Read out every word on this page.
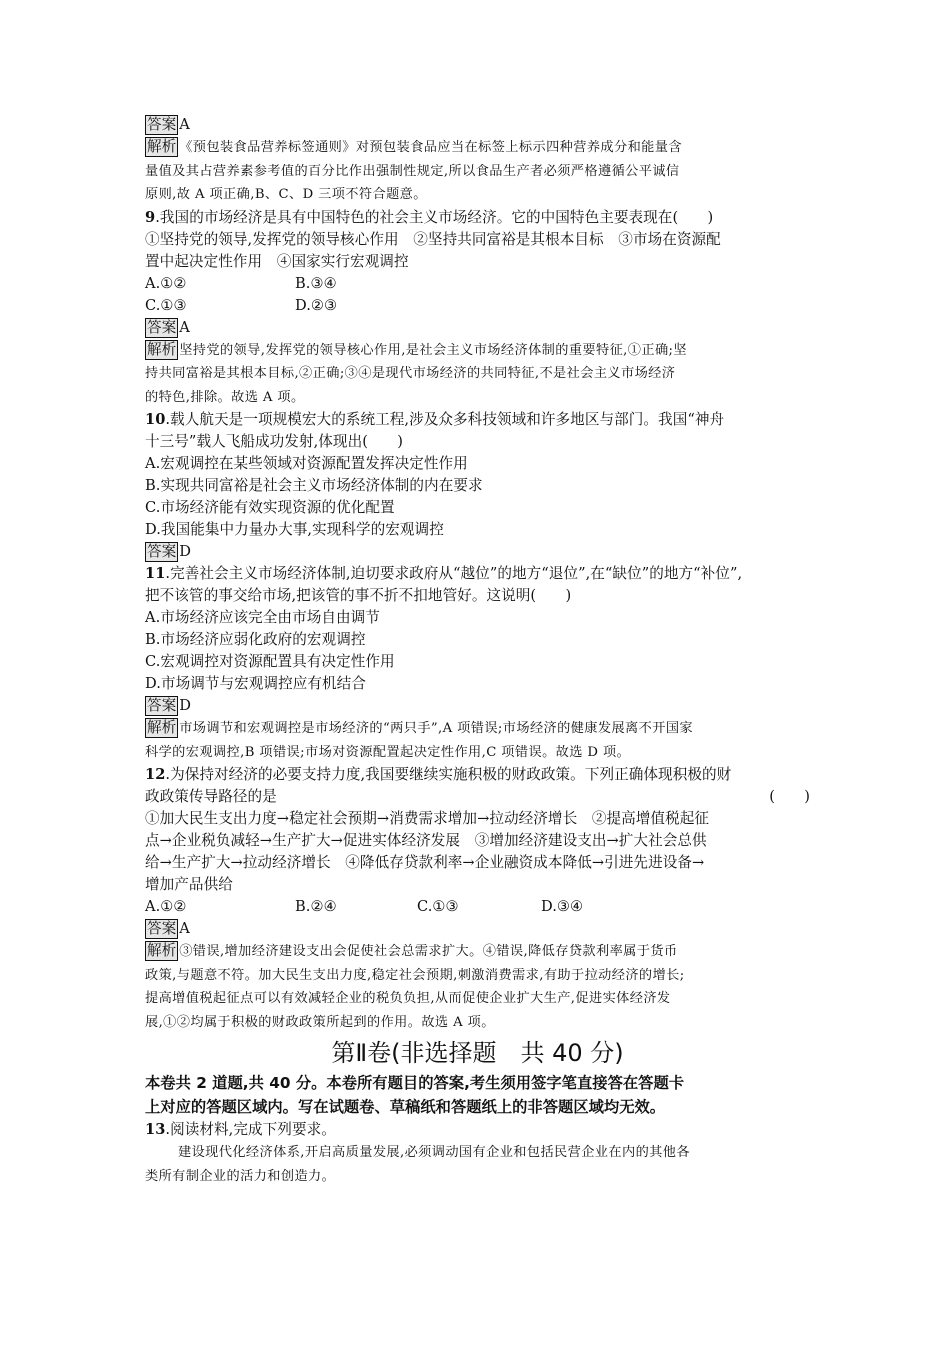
答案 A
解析 《预包装食品营养标签通则》对预包装食品应当在标签上标示四种营养成分和能量含
量值及其占营养素参考值的百分比作出强制性规定,所以食品生产者必须严格遵循公平诚信
原则,故 A 项正确,B、C、D 三项不符合题意。
9.我国的市场经济是具有中国特色的社会主义市场经济。它的中国特色主要表现在(　　)
①坚持党的领导,发挥党的领导核心作用　②坚持共同富裕是其根本目标　③市场在资源配
置中起决定性作用　④国家实行宏观调控
A.①②	B.③④
C.①③	D.②③
答案 A
解析 坚持党的领导,发挥党的领导核心作用,是社会主义市场经济体制的重要特征,①正确;坚
持共同富裕是其根本目标,②正确;③④是现代市场经济的共同特征,不是社会主义市场经济
的特色,排除。故选 A 项。
10.载人航天是一项规模宏大的系统工程,涉及众多科技领域和许多地区与部门。我国“神舟
十三号”载人飞船成功发射,体现出(　　)
A.宏观调控在某些领域对资源配置发挥决定性作用
B.实现共同富裕是社会主义市场经济体制的内在要求
C.市场经济能有效实现资源的优化配置
D.我国能集中力量办大事,实现科学的宏观调控
答案 D
11.完善社会主义市场经济体制,迫切要求政府从“越位”的地方“退位”,在“缺位”的地方“补位”,
把不该管的事交给市场,把该管的事不折不扣地管好。这说明(　　)
A.市场经济应该完全由市场自由调节
B.市场经济应弱化政府的宏观调控
C.宏观调控对资源配置具有决定性作用
D.市场调节与宏观调控应有机结合
答案 D
解析 市场调节和宏观调控是市场经济的“两只手”,A 项错误;市场经济的健康发展离不开国家
科学的宏观调控,B 项错误;市场对资源配置起决定性作用,C 项错误。故选 D 项。
12.为保持对经济的必要支持力度,我国要继续实施积极的财政政策。下列正确体现积极的财
政政策传导路径的是	(　　)
①加大民生支出力度→稳定社会预期→消费需求增加→拉动经济增长　②提高增值税起征
点→企业税负减轻→生产扩大→促进实体经济发展　③增加经济建设支出→扩大社会总供
给→生产扩大→拉动经济增长　④降低存贷款利率→企业融资成本降低→引进先进设备→
增加产品供给
A.①②	B.②④	C.①③	D.③④
答案 A
解析 ③错误,增加经济建设支出会促使社会总需求扩大。④错误,降低存贷款利率属于货币
政策,与题意不符。加大民生支出力度,稳定社会预期,刺激消费需求,有助于拉动经济的增长;
提高增值税起征点可以有效减轻企业的税负负担,从而促使企业扩大生产,促进实体经济发
展,①②均属于积极的财政政策所起到的作用。故选 A 项。
第Ⅱ卷(非选择题　共 40 分)
本卷共 2 道题,共 40 分。本卷所有题目的答案,考生须用签字笔直接答在答题卡
上对应的答题区域内。写在试题卷、草稿纸和答题纸上的非答题区域均无效。
13.阅读材料,完成下列要求。
建设现代化经济体系,开启高质量发展,必须调动国有企业和包括民营企业在内的其他各
类所有制企业的活力和创造力。
